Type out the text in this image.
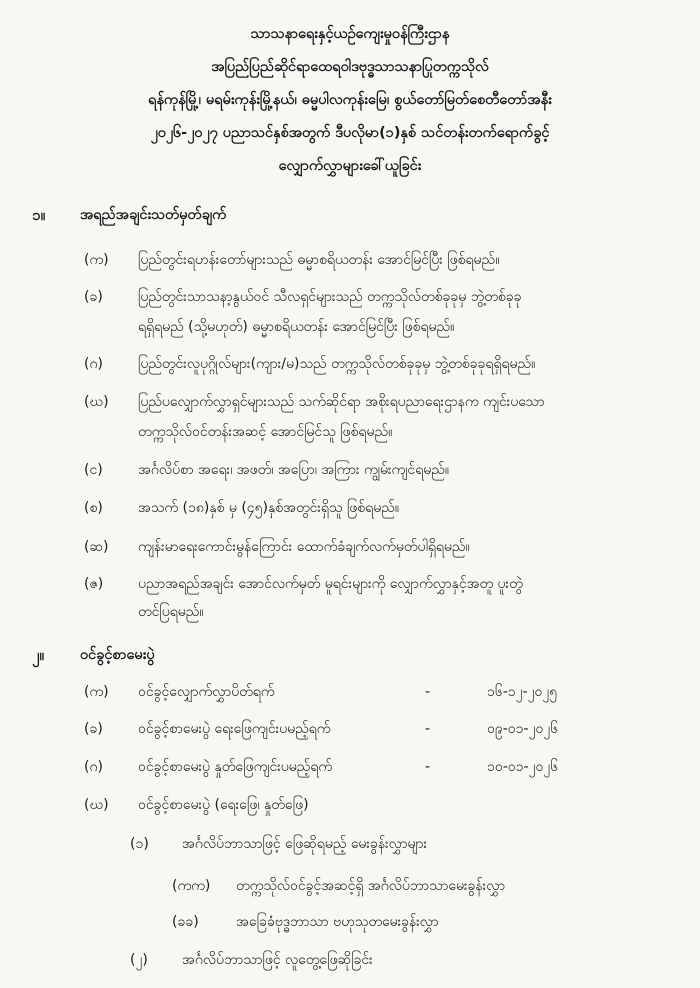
သာသနာရေးနှင့်ယဉ်ကျေးမှုဝန်ကြီးဌာန
အပြည်ပြည်ဆိုင်ရာထေရဝါဒဗုဒ္ဓသာသနာပြုတက္ကသိုလ်
ရန်ကုန်မြို့၊ မရမ်းကုန်းမြို့နယ်၊ ဓမ္မပါလကုန်းမြေ၊ စွယ်တော်မြတ်စေတီတော်အနီး
၂၀၂၆-၂၀၂၇ ပညာသင်နှစ်အတွက် ဒီပလိုမာ(၁)နှစ် သင်တန်းတက်ရောက်ခွင့်
လျှောက်လွှာများခေါ်ယူခြင်း
၁။ အရည်အချင်းသတ်မှတ်ချက်
(က) ပြည်တွင်းရဟန်းတော်များသည် ဓမ္မာစရိယတန်း အောင်မြင်ပြီး ဖြစ်ရမည်။
(ခ)	ပြည်တွင်းသာသနာ့နွယ်ဝင် သီလရှင်များသည် တက္ကသိုလ်တစ်ခုခုမှ ဘွဲ့တစ်ခုခု
ရရှိရမည် (သို့မဟုတ်) ဓမ္မာစရိယတန်း အောင်မြင်ပြီး ဖြစ်ရမည်။
(ဂ)	ပြည်တွင်းလူပုဂ္ဂိုလ်များ(ကျား/မ)သည် တက္ကသိုလ်တစ်ခုခုမှ ဘွဲ့တစ်ခုခုရရှိရမည်။
(ဃ) ပြည်ပလျှောက်လွှာရှင်များသည် သက်ဆိုင်ရာ အစိုးရပညာရေးဌာနက ကျင်းပသော
တက္ကသိုလ်ဝင်တန်းအဆင့် အောင်မြင်သူ ဖြစ်ရမည်။
(င)	အင်္ဂလိပ်စာ အရေး၊ အဖတ်၊ အပြော၊ အကြား ကျွမ်းကျင်ရမည်။
(စ)	အသက် (၁၈)နှစ် မှ (၄၅)နှစ်အတွင်းရှိသူ ဖြစ်ရမည်။
(ဆ) ကျန်းမာရေးကောင်းမွန်ကြောင်း ထောက်ခံချက်လက်မှတ်ပါရှိရမည်။
(ဇ) ပညာအရည်အချင်း အောင်လက်မှတ် မူရင်းများကို လျှောက်လွှာနှင့်အတူ ပူးတွဲ
တင်ပြရမည်။
၂။ ဝင်ခွင့်စာမေးပွဲ
(က) ဝင်ခွင့်လျှောက်လွှာပိတ်ရက်	-	၁၆-၁၂-၂၀၂၅
(ခ)	ဝင်ခွင့်စာမေးပွဲ ရေးဖြေကျင်းပမည့်ရက်	-	၀၉-၀၁-၂၀၂၆
(ဂ)	ဝင်ခွင့်စာမေးပွဲ နှုတ်ဖြေကျင်းပမည့်ရက်	-	၁၀-၀၁-၂၀၂၆
(ဃ) ဝင်ခွင့်စာမေးပွဲ (ရေးဖြေ၊ နှုတ်ဖြေ)
(၁) အင်္ဂလိပ်ဘာသာဖြင့် ဖြေဆိုရမည့် မေးခွန်းလွှာများ
(ကက) တက္ကသိုလ်ဝင်ခွင့်အဆင့်ရှိ အင်္ဂလိပ်ဘာသာမေးခွန်းလွှာ
(ခခ)	အခြေခံဗုဒ္ဓဘာသာ ဗဟုသုတမေးခွန်းလွှာ
(၂) အင်္ဂလိပ်ဘာသာဖြင့် လူတွေ့ဖြေဆိုခြင်း
